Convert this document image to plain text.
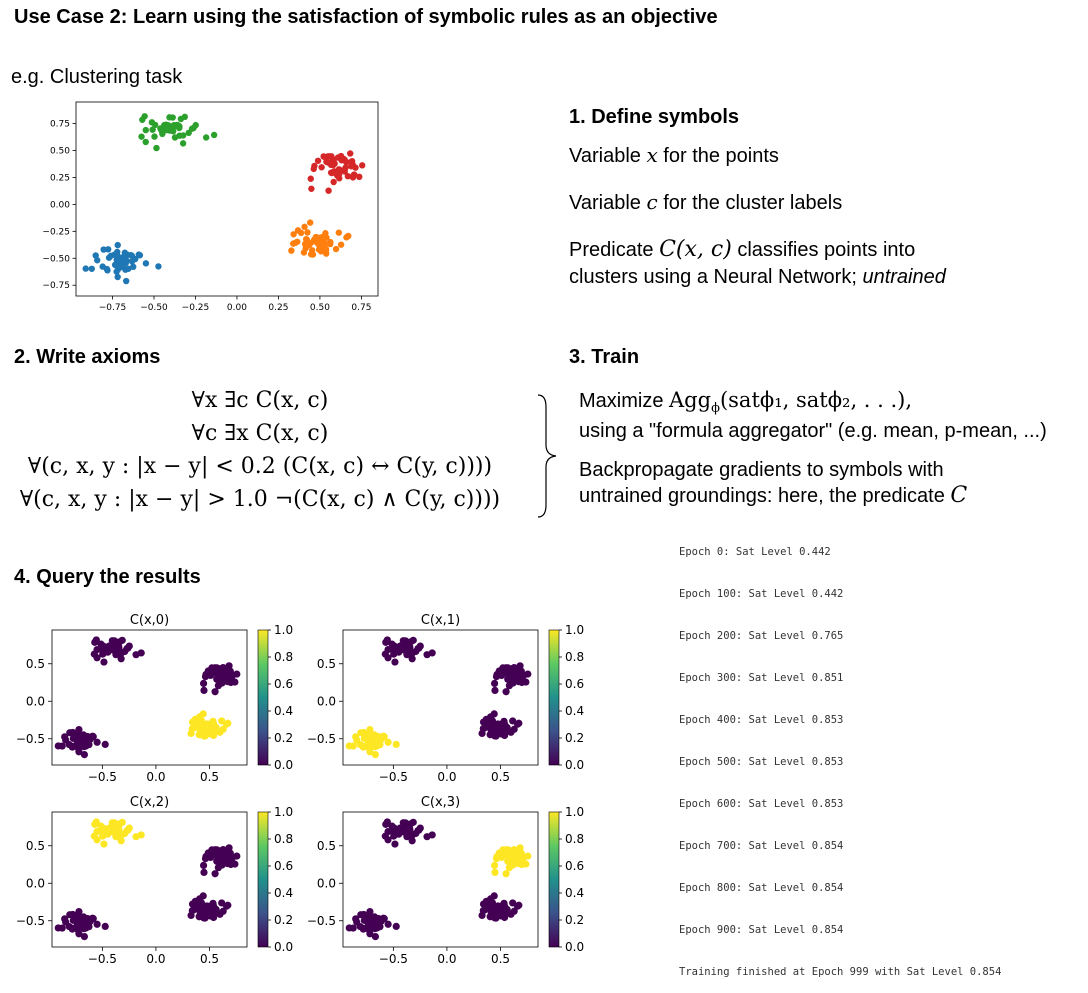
Use Case 2: Learn using the satisfaction of symbolic rules as an objective
e.g. Clustering task
−0.75 −0.50 −0.25 0.00 0.25 0.50 0.75
0.75
0.50
0.25
0.00
−0.25
−0.50
−0.75
1. Define symbols
Variable x for the points
Variable c for the cluster labels
Predicate C(x, c) classifies points into
clusters using a Neural Network; untrained
2. Write axioms
∀x ∃c C(x, c)
∀c ∃x C(x, c)
∀(c, x, y : |x − y| < 0.2 (C(x, c) ↔ C(y, c))))
∀(c, x, y : |x − y| > 1.0 ¬(C(x, c) ∧ C(y, c))))
3. Train
Maximize Agg$_\phi$(satϕ₁, satϕ₂, . . .),
using a "formula aggregator" (e.g. mean, p-mean, ...)
Backpropagate gradients to symbols with
untrained groundings: here, the predicate C

Epoch 0: Sat Level 0.442

Epoch 100: Sat Level 0.442

Epoch 200: Sat Level 0.765

Epoch 300: Sat Level 0.851

Epoch 400: Sat Level 0.853

Epoch 500: Sat Level 0.853

Epoch 600: Sat Level 0.853

Epoch 700: Sat Level 0.854

Epoch 800: Sat Level 0.854

Epoch 900: Sat Level 0.854

Training finished at Epoch 999 with Sat Level 0.854

4. Query the results
C(x,0)
−0.5 0.0	0.5
0.5
0.0
−0.5
1.0
0.8
0.6
0.4
0.2
0.0
C(x,1)
−0.5 0.0	0.5
0.5
0.0
−0.5
1.0
0.8
0.6
0.4
0.2
0.0
C(x,2)
−0.5 0.0	0.5
0.5
0.0
−0.5
1.0
0.8
0.6
0.4
0.2
0.0
C(x,3)
−0.5 0.0	0.5
0.5
0.0
−0.5
1.0
0.8
0.6
0.4
0.2
0.0
